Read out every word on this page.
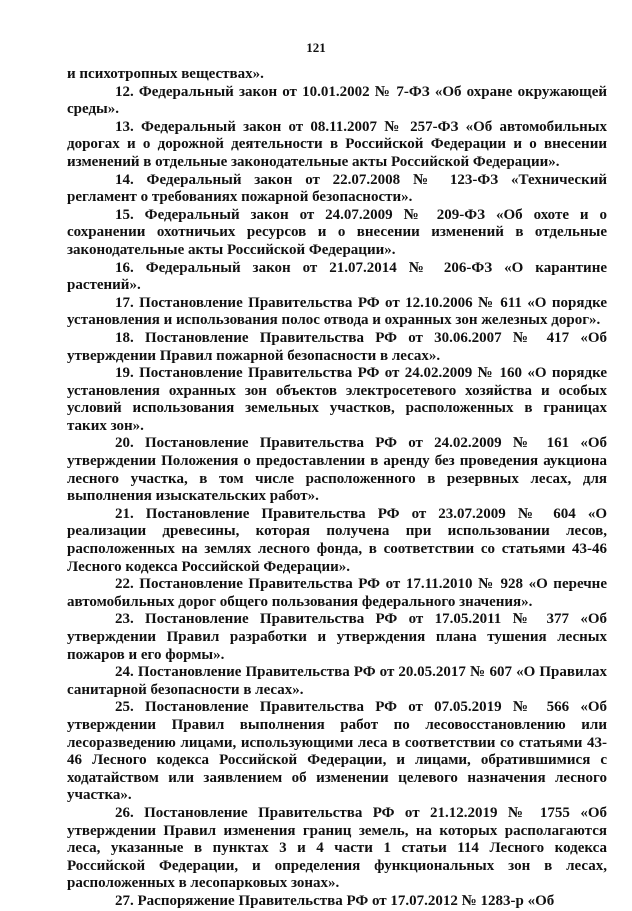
121

и психотропных веществах».

12. Федеральный закон от 10.01.2002 № 7-ФЗ «Об охране окружающей среды».

13. Федеральный закон от 08.11.2007 № 257-ФЗ «Об автомобильных дорогах и о дорожной деятельности в Российской Федерации и о внесении изменений в отдельные законодательные акты Российской Федерации».

14. Федеральный закон от 22.07.2008 № 123-ФЗ «Технический регламент о требованиях пожарной безопасности».

15. Федеральный закон от 24.07.2009 № 209-ФЗ «Об охоте и о сохранении охотничьих ресурсов и о внесении изменений в отдельные законодательные акты Российской Федерации».

16. Федеральный закон от 21.07.2014 № 206-ФЗ «О карантине растений».

17. Постановление Правительства РФ от 12.10.2006 № 611 «О порядке установления и использования полос отвода и охранных зон железных дорог».

18. Постановление Правительства РФ от 30.06.2007 № 417 «Об утверждении Правил пожарной безопасности в лесах».

19. Постановление Правительства РФ от 24.02.2009 № 160 «О порядке установления охранных зон объектов электросетевого хозяйства и особых условий использования земельных участков, расположенных в границах таких зон».

20. Постановление Правительства РФ от 24.02.2009 № 161 «Об утверждении Положения о предоставлении в аренду без проведения аукциона лесного участка, в том числе расположенного в резервных лесах, для выполнения изыскательских работ».

21. Постановление Правительства РФ от 23.07.2009 № 604 «О реализации древесины, которая получена при использовании лесов, расположенных на землях лесного фонда, в соответствии со статьями 43-46 Лесного кодекса Российской Федерации».

22. Постановление Правительства РФ от 17.11.2010 № 928 «О перечне автомобильных дорог общего пользования федерального значения».

23. Постановление Правительства РФ от 17.05.2011 № 377 «Об утверждении Правил разработки и утверждения плана тушения лесных пожаров и его формы».

24. Постановление Правительства РФ от 20.05.2017 № 607 «О Правилах санитарной безопасности в лесах».

25. Постановление Правительства РФ от 07.05.2019 № 566 «Об утверждении Правил выполнения работ по лесовосстановлению или лесоразведению лицами, использующими леса в соответствии со статьями 43-46 Лесного кодекса Российской Федерации, и лицами, обратившимися с ходатайством или заявлением об изменении целевого назначения лесного участка».

26. Постановление Правительства РФ от 21.12.2019 № 1755 «Об утверждении Правил изменения границ земель, на которых располагаются леса, указанные в пунктах 3 и 4 части 1 статьи 114 Лесного кодекса Российской Федерации, и определения функциональных зон в лесах, расположенных в лесопарковых зонах».

27. Распоряжение Правительства РФ от 17.07.2012 № 1283-р «Об
